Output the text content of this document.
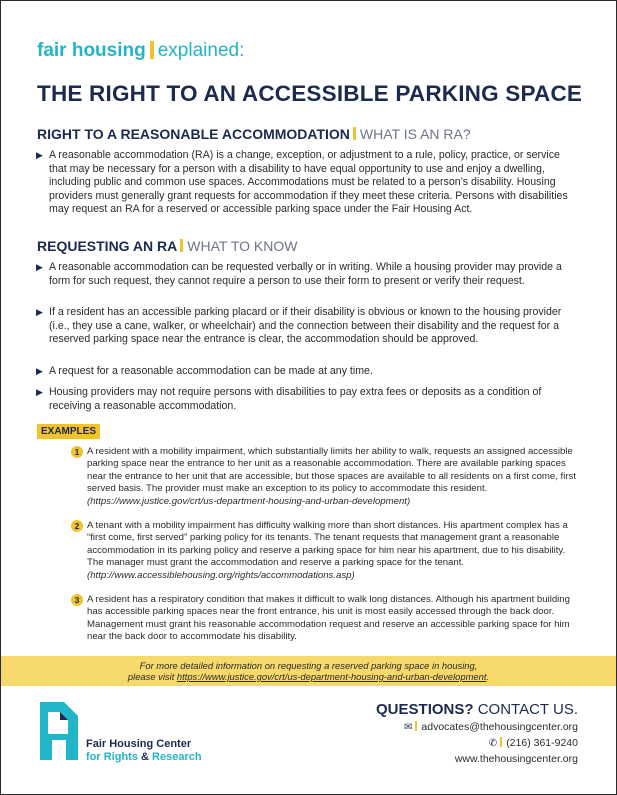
fair housing explained:
THE RIGHT TO AN ACCESSIBLE PARKING SPACE
RIGHT TO A REASONABLE ACCOMMODATION WHAT IS AN RA?
▶ A reasonable accommodation (RA) is a change, exception, or adjustment to a rule, policy, practice, or service that may be necessary for a person with a disability to have equal opportunity to use and enjoy a dwelling, including public and common use spaces. Accommodations must be related to a person’s disability. Housing providers must generally grant requests for accommodation if they meet these criteria. Persons with disabilities may request an RA for a reserved or accessible parking space under the Fair Housing Act.
REQUESTING AN RA WHAT TO KNOW
▶ A reasonable accommodation can be requested verbally or in writing. While a housing provider may provide a form for such request, they cannot require a person to use their form to present or verify their request.
▶ If a resident has an accessible parking placard or if their disability is obvious or known to the housing provider (i.e., they use a cane, walker, or wheelchair) and the connection between their disability and the request for a reserved parking space near the entrance is clear, the accommodation should be approved.
▶ A request for a reasonable accommodation can be made at any time.
▶ Housing providers may not require persons with disabilities to pay extra fees or deposits as a condition of receiving a reasonable accommodation.
EXAMPLES
1 A resident with a mobility impairment, which substantially limits her ability to walk, requests an assigned accessible parking space near the entrance to her unit as a reasonable accommodation. There are available parking spaces near the entrance to her unit that are accessible, but those spaces are available to all residents on a first come, first served basis. The provider must make an exception to its policy to accommodate this resident. (https://www.justice.gov/crt/us-department-housing-and-urban-development)
2 A tenant with a mobility impairment has difficulty walking more than short distances. His apartment complex has a “first come, first served” parking policy for its tenants. The tenant requests that management grant a reasonable accommodation in its parking policy and reserve a parking space for him near his apartment, due to his disability. The manager must grant the accommodation and reserve a parking space for the tenant. (http://www.accessiblehousing.org/rights/accommodations.asp)
3 A resident has a respiratory condition that makes it difficult to walk long distances. Although his apartment building has accessible parking spaces near the front entrance, his unit is most easily accessed through the back door. Management must grant his reasonable accommodation request and reserve an accessible parking space for him near the back door to accommodate his disability.
For more detailed information on requesting a reserved parking space in housing,
please visit https://www.justice.gov/crt/us-department-housing-and-urban-development.
Fair Housing Center
for Rights & Research
QUESTIONS? CONTACT US.
✉ advocates@thehousingcenter.org
✆ (216) 361-9240
www.thehousingcenter.org
